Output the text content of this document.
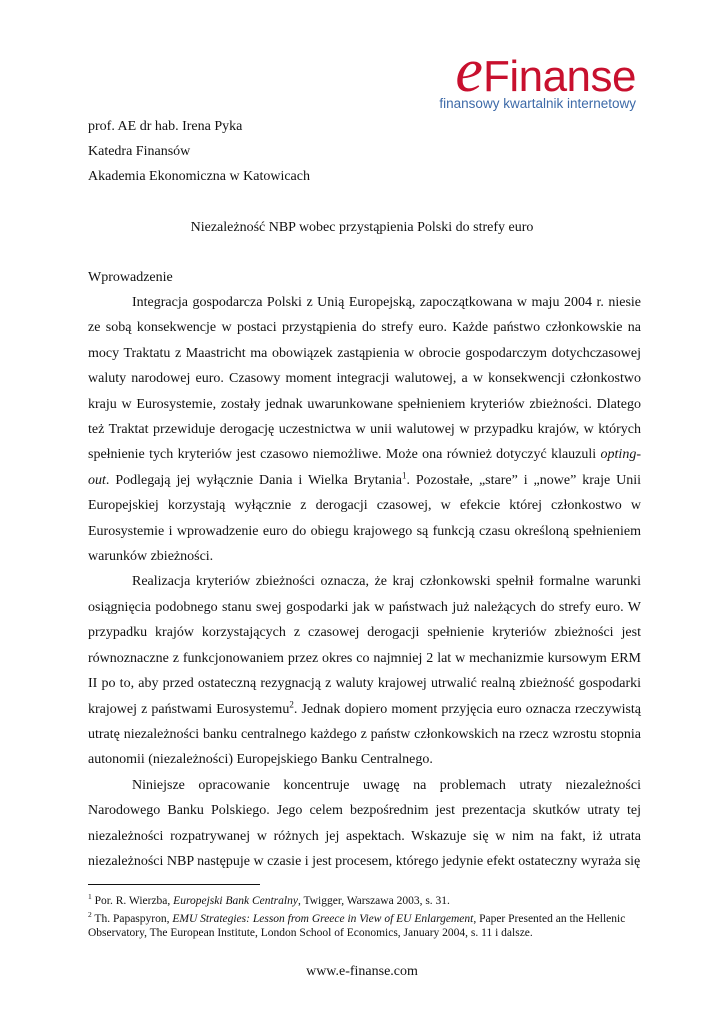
eFinanse
finansowy kwartalnik internetowy
prof. AE dr hab. Irena Pyka
Katedra Finansów
Akademia Ekonomiczna w Katowicach
Niezależność NBP wobec przystąpienia Polski do strefy euro
Wprowadzenie

Integracja gospodarcza Polski z Unią Europejską, zapoczątkowana w maju 2004 r. niesie ze sobą konsekwencje w postaci przystąpienia do strefy euro. Każde państwo członkowskie na mocy Traktatu z Maastricht ma obowiązek zastąpienia w obrocie gospodarczym dotychczasowej waluty narodowej euro. Czasowy moment integracji walutowej, a w konsekwencji członkostwo kraju w Eurosystemie, zostały jednak uwarunkowane spełnieniem kryteriów zbieżności. Dlatego też Traktat przewiduje derogację uczestnictwa w unii walutowej w przypadku krajów, w których spełnienie tych kryteriów jest czasowo niemożliwe. Może ona również dotyczyć klauzuli opting-out. Podlegają jej wyłącznie Dania i Wielka Brytania$^1$. Pozostałe, „stare” i „nowe” kraje Unii Europejskiej korzystają wyłącznie z derogacji czasowej, w efekcie której członkostwo w Eurosystemie i wprowadzenie euro do obiegu krajowego są funkcją czasu określoną spełnieniem warunków zbieżności.

Realizacja kryteriów zbieżności oznacza, że kraj członkowski spełnił formalne warunki osiągnięcia podobnego stanu swej gospodarki jak w państwach już należących do strefy euro. W przypadku krajów korzystających z czasowej derogacji spełnienie kryteriów zbieżności jest równoznaczne z funkcjonowaniem przez okres co najmniej 2 lat w mechanizmie kursowym ERM II po to, aby przed ostateczną rezygnacją z waluty krajowej utrwalić realną zbieżność gospodarki krajowej z państwami Eurosystemu$^2$. Jednak dopiero moment przyjęcia euro oznacza rzeczywistą utratę niezależności banku centralnego każdego z państw członkowskich na rzecz wzrostu stopnia autonomii (niezależności) Europejskiego Banku Centralnego.

Niniejsze opracowanie koncentruje uwagę na problemach utraty niezależności Narodowego Banku Polskiego. Jego celem bezpośrednim jest prezentacja skutków utraty tej niezależności rozpatrywanej w różnych jej aspektach. Wskazuje się w nim na fakt, iż utrata niezależności NBP następuje w czasie i jest procesem, którego jedynie efekt ostateczny wyraża się

$^1$ Por. R. Wierzba, Europejski Bank Centralny, Twigger, Warszawa 2003, s. 31.
$^2$ Th. Papaspyron, EMU Strategies: Lesson from Greece in View of EU Enlargement, Paper Presented an the Hellenic Observatory, The European Institute, London School of Economics, January 2004, s. 11 i dalsze.
www.e-finanse.com
